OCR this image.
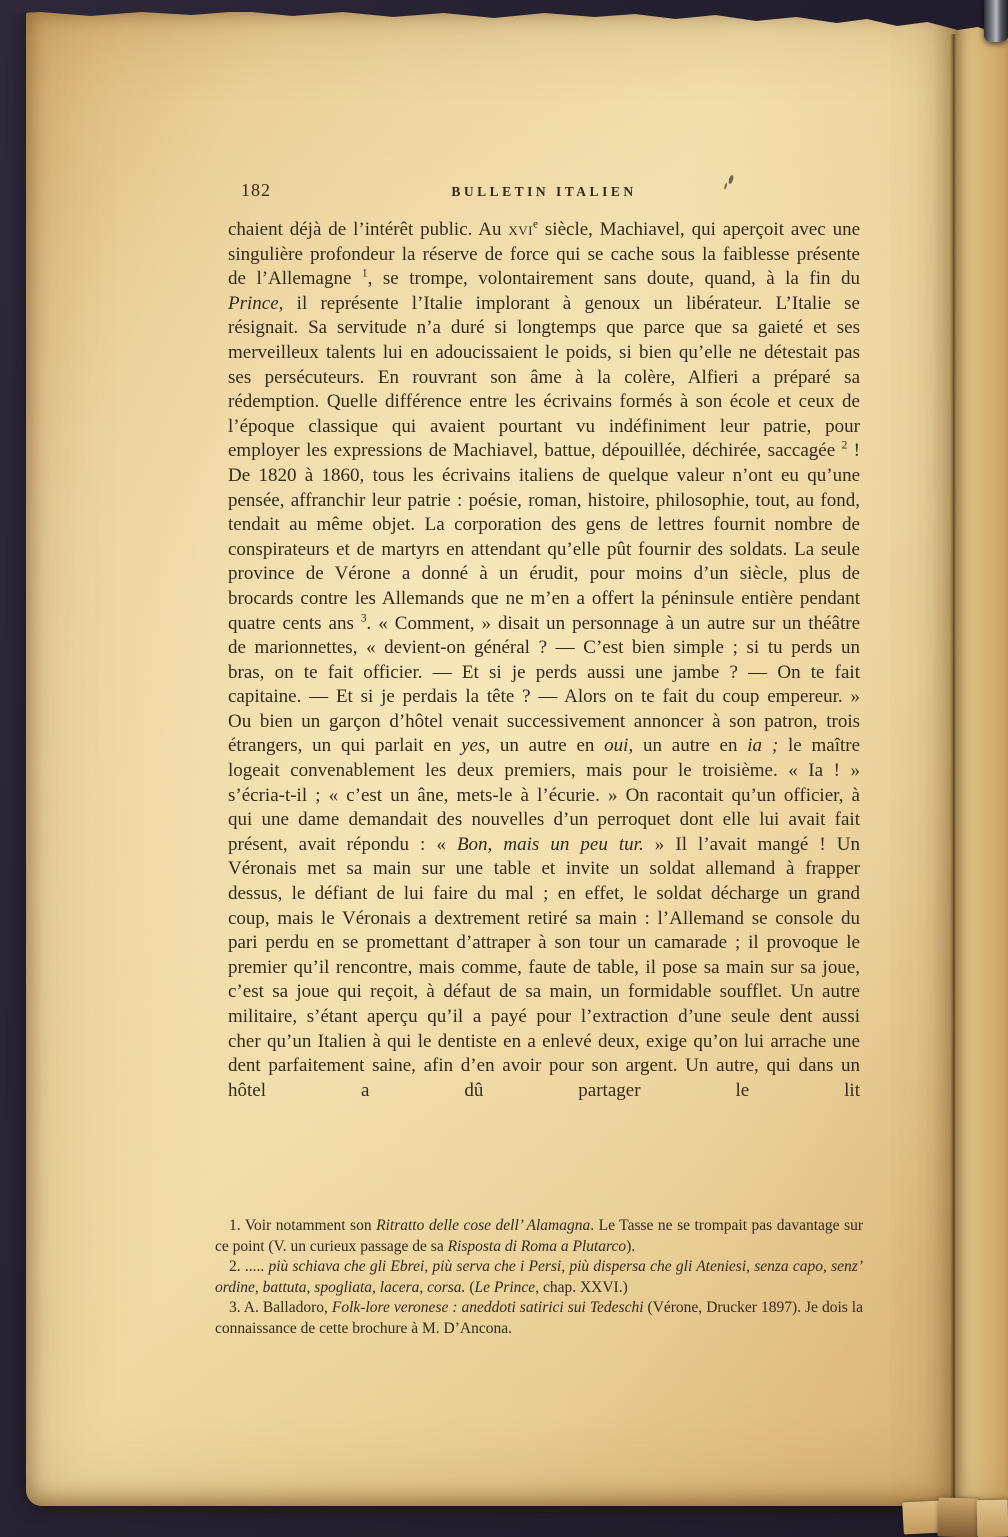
182	BULLETIN ITALIEN
chaient déjà de l’intérêt public. Au xvi$^e$ siècle, Machiavel, qui aperçoit avec une singulière profondeur la réserve de force qui se cache sous la faiblesse présente de l’Allemagne $^1$, se trompe, volontairement sans doute, quand, à la fin du Prince, il représente l’Italie implorant à genoux un libérateur. L’Italie se résignait. Sa servitude n’a duré si longtemps que parce que sa gaieté et ses merveilleux talents lui en adoucissaient le poids, si bien qu’elle ne détestait pas ses persécuteurs. En rouvrant son âme à la colère, Alfieri a préparé sa rédemption. Quelle différence entre les écrivains formés à son école et ceux de l’époque classique qui avaient pourtant vu indéfiniment leur patrie, pour employer les expressions de Machiavel, battue, dépouillée, déchirée, saccagée $^2$ ! De 1820 à 1860, tous les écrivains italiens de quelque valeur n’ont eu qu’une pensée, affranchir leur patrie : poésie, roman, histoire, philosophie, tout, au fond, tendait au même objet. La corporation des gens de lettres fournit nombre de conspirateurs et de martyrs en attendant qu’elle pût fournir des soldats. La seule province de Vérone a donné à un érudit, pour moins d’un siècle, plus de brocards contre les Allemands que ne m’en a offert la péninsule entière pendant quatre cents ans $^3$. « Comment, » disait un personnage à un autre sur un théâtre de marionnettes, « devient-on général ? — C’est bien simple ; si tu perds un bras, on te fait officier. — Et si je perds aussi une jambe ? — On te fait capitaine. — Et si je perdais la tête ? — Alors on te fait du coup empereur. » Ou bien un garçon d’hôtel venait successivement annoncer à son patron, trois étrangers, un qui parlait en yes, un autre en oui, un autre en ia ; le maître logeait convenablement les deux premiers, mais pour le troisième. « Ia ! » s’écria-t-il ; « c’est un âne, mets-le à l’écurie. » On racontait qu’un officier, à qui une dame demandait des nouvelles d’un perroquet dont elle lui avait fait présent, avait répondu : « Bon, mais un peu tur. » Il l’avait mangé ! Un Véronais met sa main sur une table et invite un soldat allemand à frapper dessus, le défiant de lui faire du mal ; en effet, le soldat décharge un grand coup, mais le Véronais a dextrement retiré sa main : l’Allemand se console du pari perdu en se promettant d’attraper à son tour un camarade ; il provoque le premier qu’il rencontre, mais comme, faute de table, il pose sa main sur sa joue, c’est sa joue qui reçoit, à défaut de sa main, un formidable soufflet. Un autre militaire, s’étant aperçu qu’il a payé pour l’extraction d’une seule dent aussi cher qu’un Italien à qui le dentiste en a enlevé deux, exige qu’on lui arrache une dent parfaitement saine, afin d’en avoir pour son argent. Un autre, qui dans un hôtel a dû partager le lit

1. Voir notamment son Ritratto delle cose dell’ Alamagna. Le Tasse ne se trompait pas davantage sur ce point (V. un curieux passage de sa Risposta di Roma a Plutarco).

2. ..... più schiava che gli Ebrei, più serva che i Persi, più dispersa che gli Ateniesi, senza capo, senz’ ordine, battuta, spogliata, lacera, corsa. (Le Prince, chap. XXVI.)

3. A. Balladoro, Folk-lore veronese : aneddoti satirici sui Tedeschi (Vérone, Drucker 1897). Je dois la connaissance de cette brochure à M. D’Ancona.
